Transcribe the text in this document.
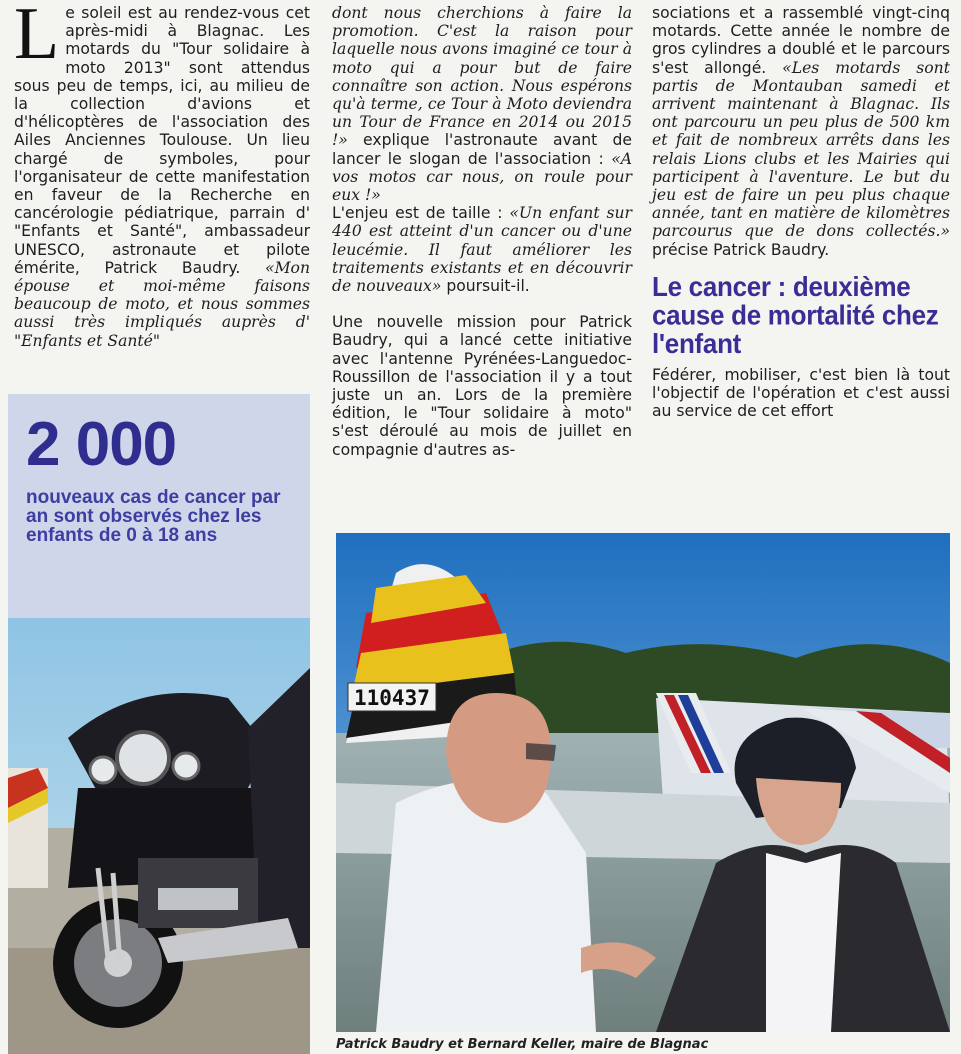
L e soleil est au rendez-vous cet après-midi à Blagnac. Les motards du "Tour solidaire à moto 2013" sont attendus sous peu de temps, ici, au milieu de la collection d'avions et d'hélicoptères de l'association des Ailes Anciennes Toulouse. Un lieu chargé de symboles, pour l'organisateur de cette manifestation en faveur de la Recherche en cancérologie pédiatrique, parrain d' "Enfants et Santé", ambassadeur UNESCO, astronaute et pilote émérite, Patrick Baudry. «Mon épouse et moi-même faisons beaucoup de moto, et nous sommes aussi très impliqués auprès d' "Enfants et Santé"

2 000
nouveaux cas de cancer par an sont observés chez les enfants de 0 à 18 ans

dont nous cherchions à faire la promotion. C'est la raison pour laquelle nous avons imaginé ce tour à moto qui a pour but de faire connaître son action. Nous espérons qu'à terme, ce Tour à Moto deviendra un Tour de France en 2014 ou 2015 !» explique l'astronaute avant de lancer le slogan de l'association : «A vos motos car nous, on roule pour eux !»

L'enjeu est de taille : «Un enfant sur 440 est atteint d'un cancer ou d'une leucémie. Il faut améliorer les traitements existants et en découvrir de nouveaux» poursuit-il.

Une nouvelle mission pour Patrick Baudry, qui a lancé cette initiative avec l'antenne Pyrénées-Languedoc-Roussillon de l'association il y a tout juste un an. Lors de la première édition, le "Tour solidaire à moto" s'est déroulé au mois de juillet en compagnie d'autres as-

sociations et a rassemblé vingt-cinq motards. Cette année le nombre de gros cylindres a doublé et le parcours s'est allongé. «Les motards sont partis de Montauban samedi et arrivent maintenant à Blagnac. Ils ont parcouru un peu plus de 500 km et fait de nombreux arrêts dans les relais Lions clubs et les Mairies qui participent à l'aventure. Le but du jeu est de faire un peu plus chaque année, tant en matière de kilomètres parcourus que de dons collectés.» précise Patrick Baudry.

Le cancer : deuxième cause de mortalité chez l'enfant

Fédérer, mobiliser, c'est bien là tout l'objectif de l'opération et c'est aussi au service de cet effort

110437
Patrick Baudry et Bernard Keller, maire de Blagnac
